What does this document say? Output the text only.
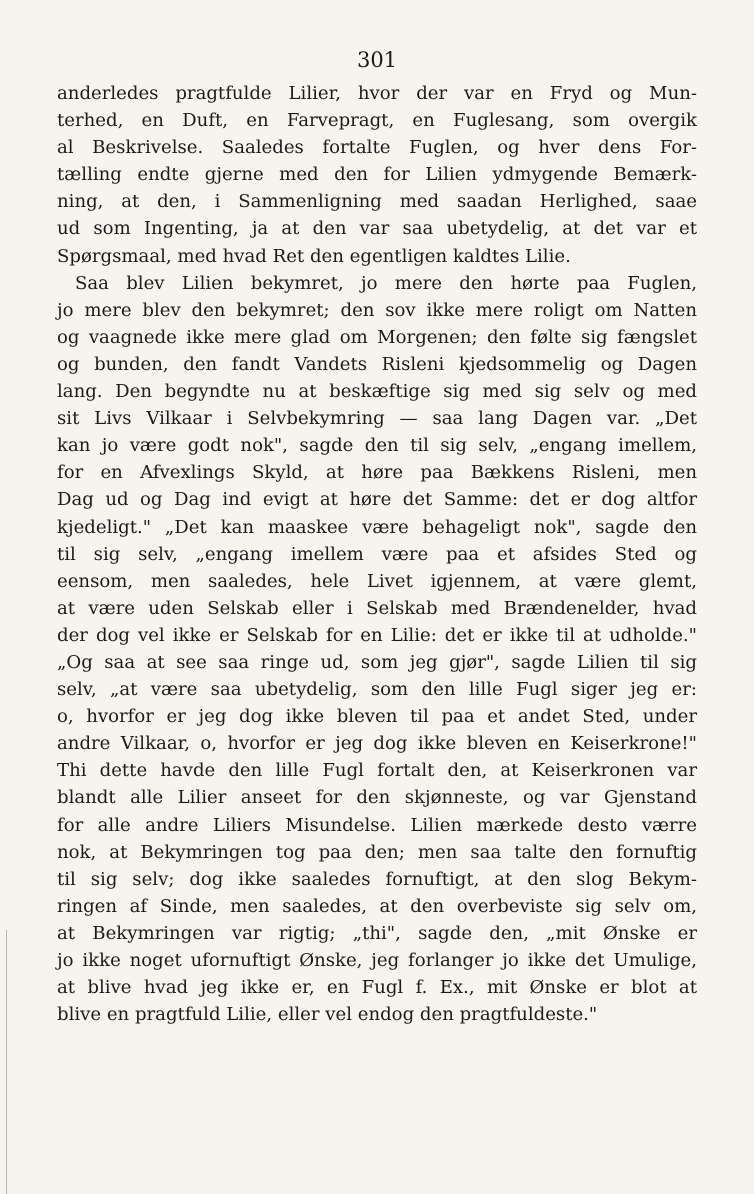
301
anderledes pragtfulde Lilier, hvor der var en Fryd og Mun-
terhed, en Duft, en Farvepragt, en Fuglesang, som overgik
al Beskrivelse. Saaledes fortalte Fuglen, og hver dens For-
tælling endte gjerne med den for Lilien ydmygende Bemærk-
ning, at den, i Sammenligning med saadan Herlighed, saae
ud som Ingenting, ja at den var saa ubetydelig, at det var et
Spørgsmaal, med hvad Ret den egentligen kaldtes Lilie.
Saa blev Lilien bekymret, jo mere den hørte paa Fuglen,
jo mere blev den bekymret; den sov ikke mere roligt om Natten
og vaagnede ikke mere glad om Morgenen; den følte sig fængslet
og bunden, den fandt Vandets Risleni kjedsommelig og Dagen
lang. Den begyndte nu at beskæftige sig med sig selv og med
sit Livs Vilkaar i Selvbekymring — saa lang Dagen var. „Det
kan jo være godt nok", sagde den til sig selv, „engang imellem,
for en Afvexlings Skyld, at høre paa Bækkens Risleni, men
Dag ud og Dag ind evigt at høre det Samme: det er dog altfor
kjedeligt." „Det kan maaskee være behageligt nok", sagde den
til sig selv, „engang imellem være paa et afsides Sted og
eensom, men saaledes, hele Livet igjennem, at være glemt,
at være uden Selskab eller i Selskab med Brændenelder, hvad
der dog vel ikke er Selskab for en Lilie: det er ikke til at udholde."
„Og saa at see saa ringe ud, som jeg gjør", sagde Lilien til sig
selv, „at være saa ubetydelig, som den lille Fugl siger jeg er:
o, hvorfor er jeg dog ikke bleven til paa et andet Sted, under
andre Vilkaar, o, hvorfor er jeg dog ikke bleven en Keiserkrone!"
Thi dette havde den lille Fugl fortalt den, at Keiserkronen var
blandt alle Lilier anseet for den skjønneste, og var Gjenstand
for alle andre Liliers Misundelse. Lilien mærkede desto værre
nok, at Bekymringen tog paa den; men saa talte den fornuftig
til sig selv; dog ikke saaledes fornuftigt, at den slog Bekym-
ringen af Sinde, men saaledes, at den overbeviste sig selv om,
at Bekymringen var rigtig; „thi", sagde den, „mit Ønske er
jo ikke noget ufornuftigt Ønske, jeg forlanger jo ikke det Umulige,
at blive hvad jeg ikke er, en Fugl f. Ex., mit Ønske er blot at
blive en pragtfuld Lilie, eller vel endog den pragtfuldeste."
